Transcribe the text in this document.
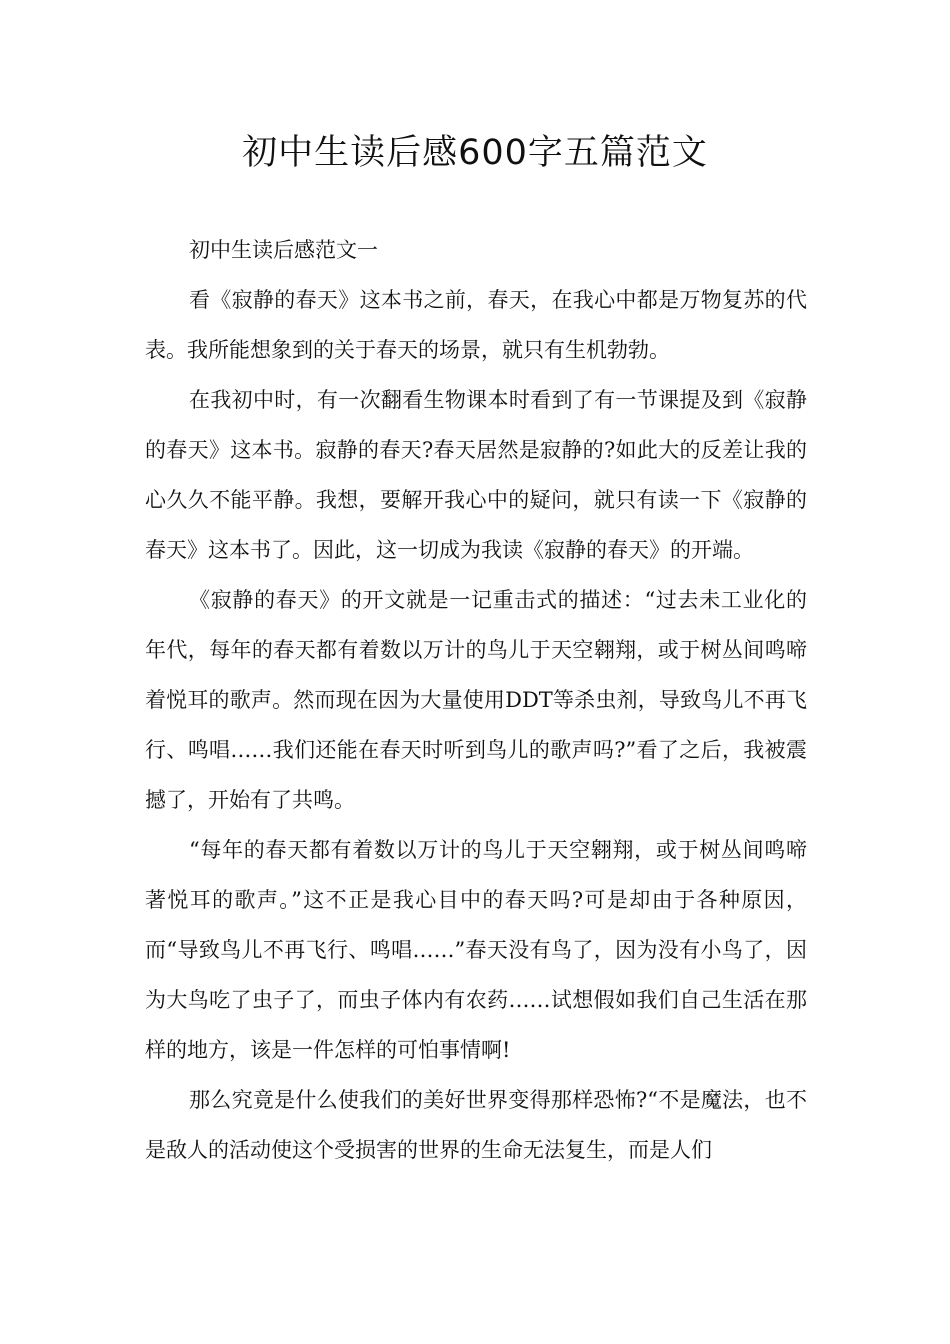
初中生读后感600字五篇范文

初中生读后感范文一

看《寂静的春天》这本书之前，春天，在我心中都是万物复苏的代表。我所能想象到的关于春天的场景，就只有生机勃勃。

在我初中时，有一次翻看生物课本时看到了有一节课提及到《寂静的春天》这本书。寂静的春天?春天居然是寂静的?如此大的反差让我的心久久不能平静。我想，要解开我心中的疑问，就只有读一下《寂静的春天》这本书了。因此，这一切成为我读《寂静的春天》的开端。

《寂静的春天》的开文就是一记重击式的描述：“过去未工业化的年代，每年的春天都有着数以万计的鸟儿于天空翱翔，或于树丛间鸣啼着悦耳的歌声。然而现在因为大量使用DDT等杀虫剂，导致鸟儿不再飞行、鸣唱……我们还能在春天时听到鸟儿的歌声吗?”看了之后，我被震撼了，开始有了共鸣。

“每年的春天都有着数以万计的鸟儿于天空翱翔，或于树丛间鸣啼著悦耳的歌声。”这不正是我心目中的春天吗?可是却由于各种原因，而“导致鸟儿不再飞行、鸣唱……”春天没有鸟了，因为没有小鸟了，因为大鸟吃了虫子了，而虫子体内有农药……试想假如我们自己生活在那样的地方，该是一件怎样的可怕事情啊!

那么究竟是什么使我们的美好世界变得那样恐怖?“不是魔法，也不是敌人的活动使这个受损害的世界的生命无法复生，而是人们
